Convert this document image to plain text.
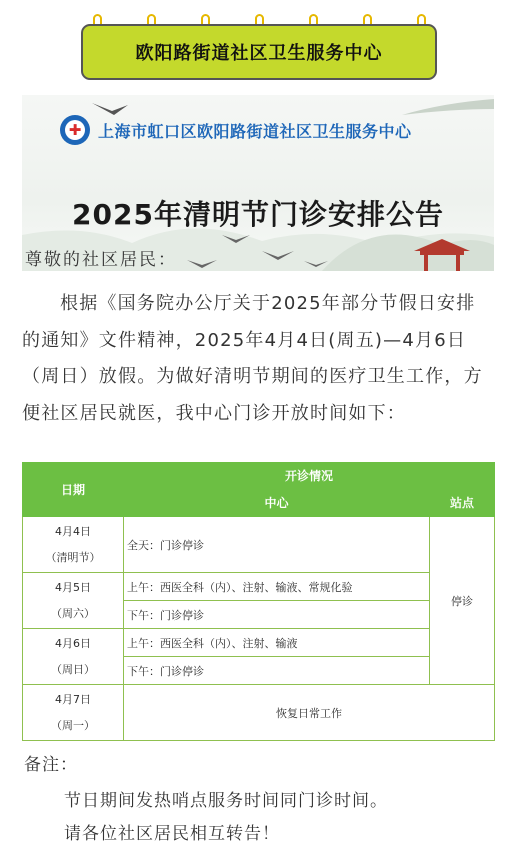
欧阳路街道社区卫生服务中心
✚ 上海市虹口区欧阳路街道社区卫生服务中心
2025年清明节门诊安排公告
尊敬的社区居民：
根据《国务院办公厅关于2025年部分节假日安排的通知》文件精神，2025年4月4日(周五)—4月6日（周日）放假。为做好清明节期间的医疗卫生工作，方便社区居民就医，我中心门诊开放时间如下：
日期	开诊情况	
	中心	站点

4月4日
（清明节）	全天：门诊停诊	停诊

4月5日
（周六）	上午：西医全科（内）、注射、输液、常规化验	
	下午：门诊停诊	

4月6日
（周日）	上午：西医全科（内）、注射、输液	
	下午：门诊停诊	

4月7日
（周一）	恢复日常工作	
备注：
节日期间发热哨点服务时间同门诊时间。
请各位社区居民相互转告！
